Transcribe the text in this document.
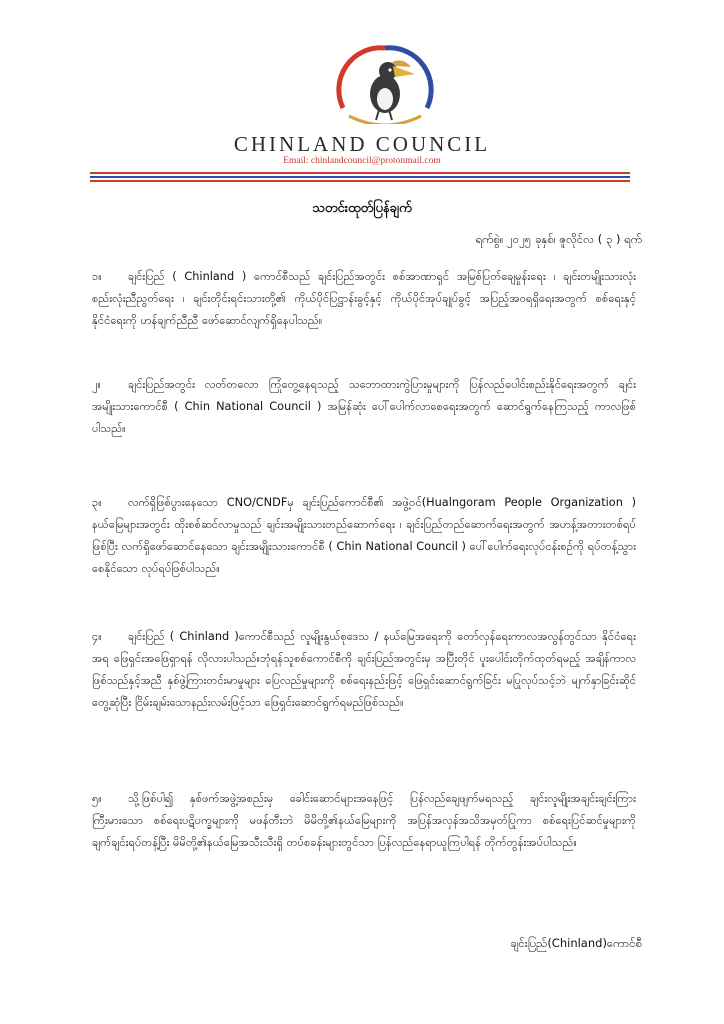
CHINLAND COUNCIL
Email: chinlandcouncil@protonmail.com
သတင်းထုတ်ပြန်ချက်
ရက်စွဲ။ ၂၀၂၅ ခုနှစ်၊ ဇူလိုင်လ ( ၃ ) ရက်

၁။ ချင်းပြည် ( Chinland ) ကောင်စီသည် ချင်းပြည်အတွင်း စစ်အာဏာရှင် အမြစ်ပြတ်ချေမှုန်းရေး ၊ ချင်းတမျိုးသားလုံး စည်းလုံးညီညွတ်ရေး ၊ ချင်းတိုင်းရင်းသားတို့၏ ကိုယ်ပိုင်ပြဋ္ဌာန်းခွင့်နှင့် ကိုယ်ပိုင်အုပ်ချုပ်ခွင့် အပြည့်အဝရရှိရေးအတွက် စစ်ရေးနှင့်နိုင်ငံရေးကို ဟန်ချက်ညီညီ ဖော်ဆောင်လျက်ရှိနေပါသည်။

၂။ ချင်းပြည်အတွင်း လတ်တလော ကြုံတွေ့နေရသည့် သဘောထားကွဲပြားမှုများကို ပြန်လည်ပေါင်းစည်းနိုင်ရေးအတွက် ချင်းအမျိုးသားကောင်စီ ( Chin National Council ) အမြန်ဆုံး ပေါ်ပေါက်လာစေရေးအတွက် ဆောင်ရွက်နေကြသည့် ကာလဖြစ်ပါသည်။

၃။ လက်ရှိဖြစ်ပွားနေသော CNO/CNDFမှ ချင်းပြည်ကောင်စီ၏ အဖွဲ့ဝင်(Hualngoram People Organization ) နယ်မြေများအတွင်း ထိုးစစ်ဆင်လာမှုသည် ချင်းအမျိုးသားတည်ဆောက်ရေး ၊ ချင်းပြည်တည်ဆောက်ရေးအတွက် အဟန့်အတားတစ်ရပ်ဖြစ်ပြီး လက်ရှိဖော်ဆောင်နေသော ချင်းအမျိုးသားကောင်စီ ( Chin National Council ) ပေါ်ပေါက်ရေးလုပ်ငန်းစဉ်ကို ရပ်တန့်သွားစေနိုင်သော လုပ်ရပ်ဖြစ်ပါသည်။

၄။ ချင်းပြည် ( Chinland )ကောင်စီသည် လူမျိုးနွယ်စုဒေသ / နယ်မြေအရေးကို တော်လှန်ရေးကာလအလွန်တွင်သာ နိုင်ငံရေးအရ ဖြေရှင်းအဖြေရှာရန် လိုလားပါသည်။ဘုံရန်သူစစ်ကောင်စီကို ချင်းပြည်အတွင်းမှ အပြီးတိုင် ပူးပေါင်းတိုက်ထုတ်ရမည့် အချိန်ကာလဖြစ်သည်နှင့်အညီ နှစ်ဖွဲ့ကြားတင်းမာမှုများ ပြေလည်မှုများကို စစ်ရေးနည်းဖြင့် ဖြေရှင်းဆောင်ရွက်ခြင်း မပြုလုပ်သင့်ဘဲ မျက်နှာခြင်းဆိုင်တွေ့ဆုံပြီး ငြိမ်းချမ်းသောနည်းလမ်းဖြင့်သာ ဖြေရှင်းဆောင်ရွက်ရမည်ဖြစ်သည်။

၅။ သို့ဖြစ်ပါ၍ နှစ်ဖက်အဖွဲ့အစည်းမှ ခေါင်းဆောင်များအနေဖြင့် ပြန်လည်ချေဖျက်မရသည့် ချင်းလူမျိုးအချင်းချင်းကြား ကြီးမားသော စစ်ရေးပဋိပက္ခများကို မဖန်တီးဘဲ မိမိတို့၏နယ်မြေများကို အပြန်အလှန်အသိအမှတ်ပြုကာ စစ်ရေးပြင်ဆင်မှုများကို ချက်ချင်းရပ်တန့်ပြီး မိမိတို့၏နယ်မြေအသီးသီးရှိ တပ်စခန်းများတွင်သာ ပြန်လည်နေရာယူကြပါရန် တိုက်တွန်းအပ်ပါသည်။

ချင်းပြည်(Chinland)ကောင်စီ
